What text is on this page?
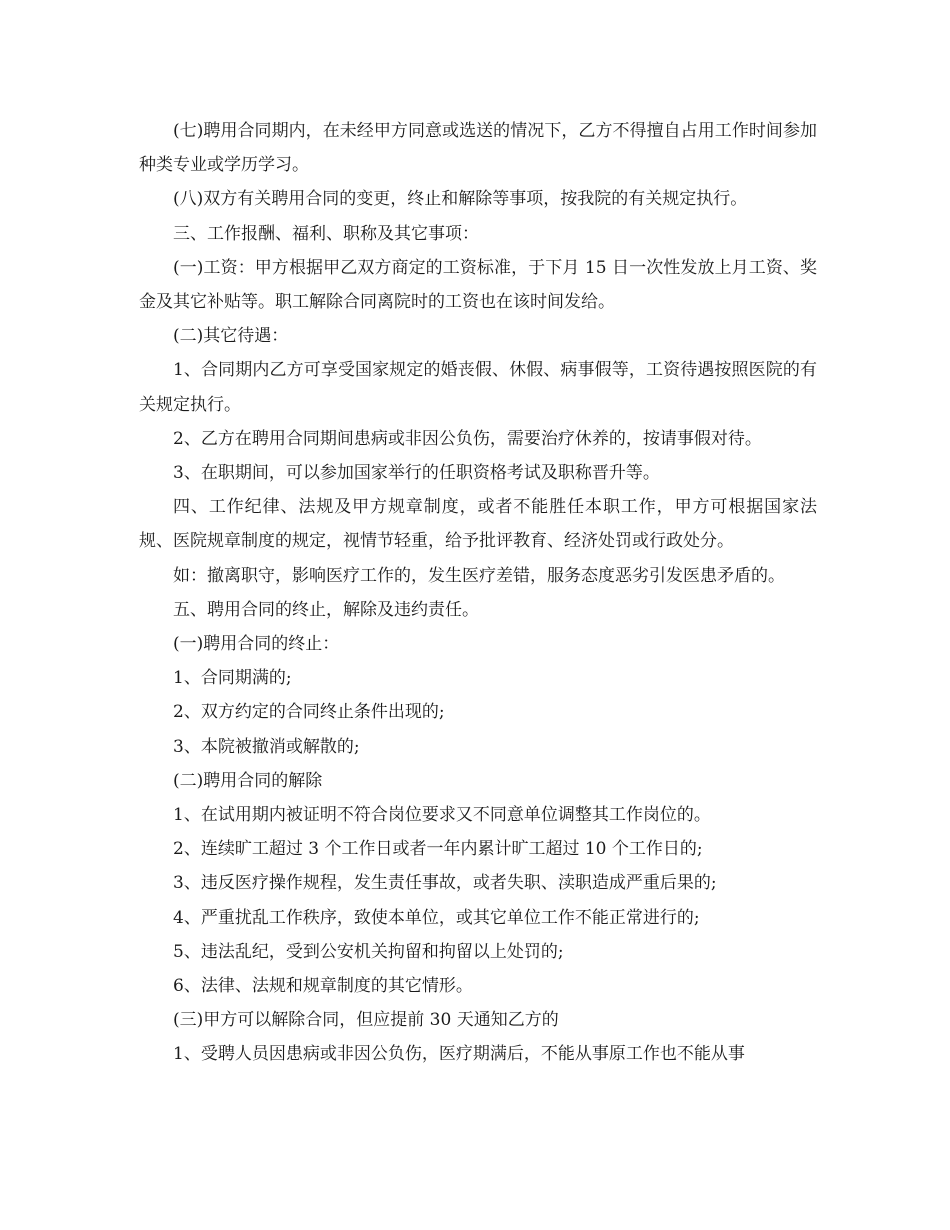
(七)聘用合同期内，在未经甲方同意或选送的情况下，乙方不得擅自占用工作时间参加种类专业或学历学习。

(八)双方有关聘用合同的变更，终止和解除等事项，按我院的有关规定执行。

三、工作报酬、福利、职称及其它事项：

(一)工资：甲方根据甲乙双方商定的工资标准，于下月 15 日一次性发放上月工资、奖金及其它补贴等。职工解除合同离院时的工资也在该时间发给。

(二)其它待遇：

1、合同期内乙方可享受国家规定的婚丧假、休假、病事假等，工资待遇按照医院的有关规定执行。

2、乙方在聘用合同期间患病或非因公负伤，需要治疗休养的，按请事假对待。

3、在职期间，可以参加国家举行的任职资格考试及职称晋升等。

四、工作纪律、法规及甲方规章制度，或者不能胜任本职工作，甲方可根据国家法规、医院规章制度的规定，视情节轻重，给予批评教育、经济处罚或行政处分。

如：撤离职守，影响医疗工作的，发生医疗差错，服务态度恶劣引发医患矛盾的。

五、聘用合同的终止，解除及违约责任。

(一)聘用合同的终止：

1、合同期满的;

2、双方约定的合同终止条件出现的;

3、本院被撤消或解散的;

(二)聘用合同的解除

1、在试用期内被证明不符合岗位要求又不同意单位调整其工作岗位的。

2、连续旷工超过 3 个工作日或者一年内累计旷工超过 10 个工作日的;

3、违反医疗操作规程，发生责任事故，或者失职、渎职造成严重后果的;

4、严重扰乱工作秩序，致使本单位，或其它单位工作不能正常进行的;

5、违法乱纪，受到公安机关拘留和拘留以上处罚的;

6、法律、法规和规章制度的其它情形。

(三)甲方可以解除合同，但应提前 30 天通知乙方的

1、受聘人员因患病或非因公负伤，医疗期满后，不能从事原工作也不能从事
